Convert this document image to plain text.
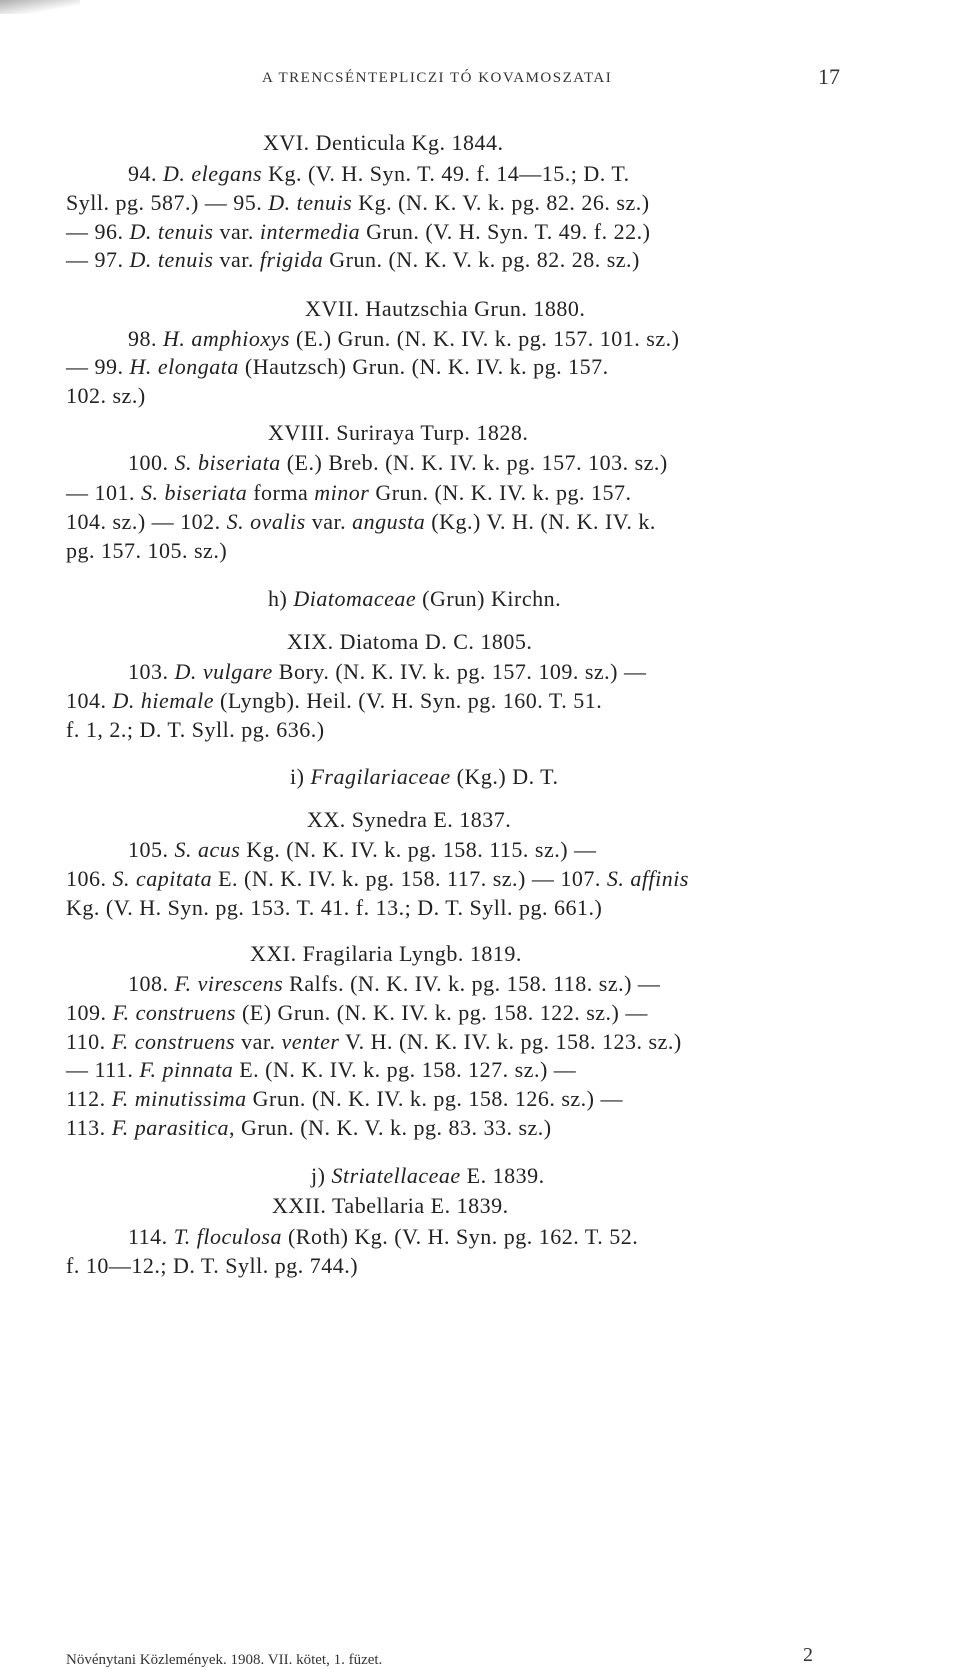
A TRENCSÉNTEPLICZI TÓ KOVAMOSZATAI	17
XVI. Denticula Kg. 1844.
94. D. elegans Kg. (V. H. Syn. T. 49. f. 14—15.; D. T.
Syll. pg. 587.) — 95. D. tenuis Kg. (N. K. V. k. pg. 82. 26. sz.)
— 96. D. tenuis var. intermedia Grun. (V. H. Syn. T. 49. f. 22.)
— 97. D. tenuis var. frigida Grun. (N. K. V. k. pg. 82. 28. sz.)
XVII. Hautzschia Grun. 1880.
98. H. amphioxys (E.) Grun. (N. K. IV. k. pg. 157. 101. sz.)
— 99. H. elongata (Hautzsch) Grun. (N. K. IV. k. pg. 157.
102. sz.)
XVIII. Suriraya Turp. 1828.
100. S. biseriata (E.) Breb. (N. K. IV. k. pg. 157. 103. sz.)
— 101. S. biseriata forma minor Grun. (N. K. IV. k. pg. 157.
104. sz.) — 102. S. ovalis var. angusta (Kg.) V. H. (N. K. IV. k.
pg. 157. 105. sz.)
h) Diatomaceae (Grun) Kirchn.
XIX. Diatoma D. C. 1805.
103. D. vulgare Bory. (N. K. IV. k. pg. 157. 109. sz.) —
104. D. hiemale (Lyngb). Heil. (V. H. Syn. pg. 160. T. 51.
f. 1, 2.; D. T. Syll. pg. 636.)
i) Fragilariaceae (Kg.) D. T.
XX. Synedra E. 1837.
105. S. acus Kg. (N. K. IV. k. pg. 158. 115. sz.) —
106. S. capitata E. (N. K. IV. k. pg. 158. 117. sz.) — 107. S. affinis
Kg. (V. H. Syn. pg. 153. T. 41. f. 13.; D. T. Syll. pg. 661.)
XXI. Fragilaria Lyngb. 1819.
108. F. virescens Ralfs. (N. K. IV. k. pg. 158. 118. sz.) —
109. F. construens (E) Grun. (N. K. IV. k. pg. 158. 122. sz.) —
110. F. construens var. venter V. H. (N. K. IV. k. pg. 158. 123. sz.)
— 111. F. pinnata E. (N. K. IV. k. pg. 158. 127. sz.) —
112. F. minutissima Grun. (N. K. IV. k. pg. 158. 126. sz.) —
113. F. parasitica, Grun. (N. K. V. k. pg. 83. 33. sz.)
j) Striatellaceae E. 1839.
XXII. Tabellaria E. 1839.
114. T. floculosa (Roth) Kg. (V. H. Syn. pg. 162. T. 52.
f. 10—12.; D. T. Syll. pg. 744.)
Növénytani Közlemények. 1908. VII. kötet, 1. füzet.	2
